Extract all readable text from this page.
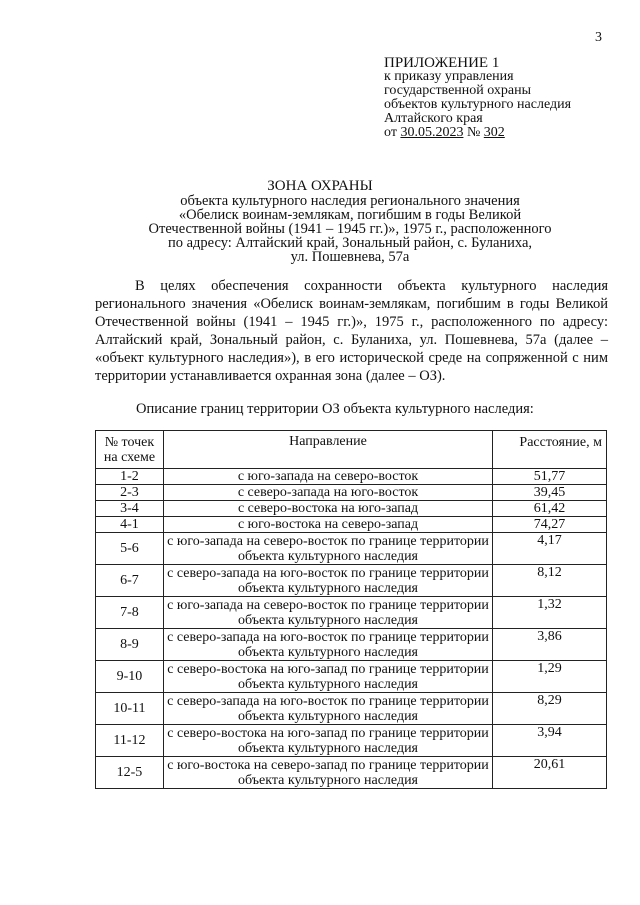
3
ПРИЛОЖЕНИЕ 1
к приказу управления
государственной охраны
объектов культурного наследия
Алтайского края
от 30.05.2023 № 302
ЗОНА ОХРАНЫ
объекта культурного наследия регионального значения
«Обелиск воинам-землякам, погибшим в годы Великой
Отечественной войны (1941 – 1945 гг.)», 1975 г., расположенного
по адресу: Алтайский край, Зональный район, с. Буланиха,
ул. Пошевнева, 57а

В целях обеспечения сохранности объекта культурного наследия регионального значения «Обелиск воинам-землякам, погибшим в годы Великой Отечественной войны (1941 – 1945 гг.)», 1975 г., расположенного по адресу: Алтайский край, Зональный район, с. Буланиха, ул. Пошевнева, 57а (далее – «объект культурного наследия»), в его исторической среде на сопряженной с ним территории устанавливается охранная зона (далее – ОЗ).

Описание границ территории ОЗ объекта культурного наследия:
№ точек на схеме	Направление	Расстояние, м
1-2	с юго-запада на северо-восток	51,77
2-3	с северо-запада на юго-восток	39,45
3-4	с северо-востока на юго-запад	61,42
4-1	с юго-востока на северо-запад	74,27
5-6	с юго-запада на северо-восток по границе территории объекта культурного наследия	4,17
6-7	с северо-запада на юго-восток по границе территории объекта культурного наследия	8,12
7-8	с юго-запада на северо-восток по границе территории объекта культурного наследия	1,32
8-9	с северо-запада на юго-восток по границе территории объекта культурного наследия	3,86
9-10	с северо-востока на юго-запад по границе территории объекта культурного наследия	1,29
10-11	с северо-запада на юго-восток по границе территории объекта культурного наследия	8,29
11-12	с северо-востока на юго-запад по границе территории объекта культурного наследия	3,94
12-5	с юго-востока на северо-запад по границе территории объекта культурного наследия	20,61
